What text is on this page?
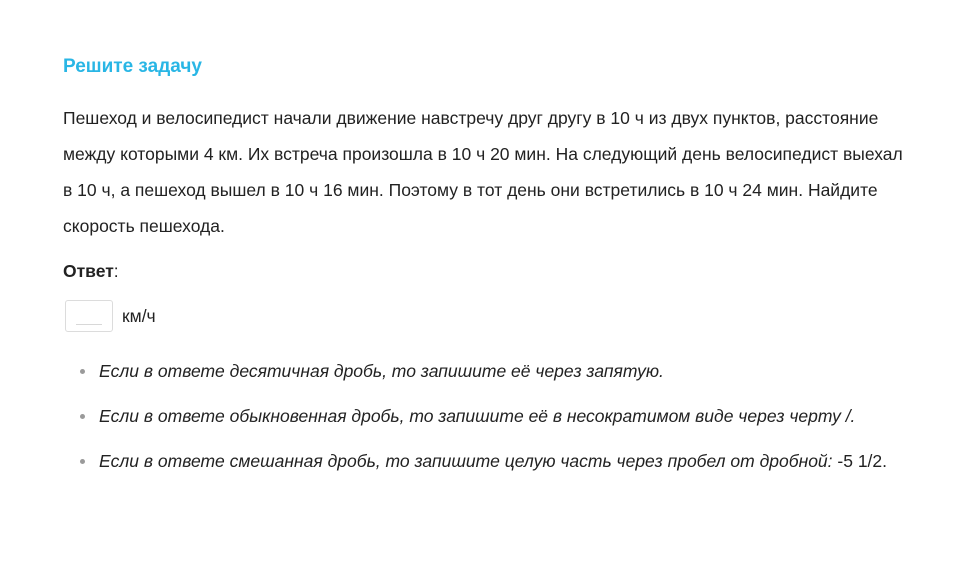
Решите задачу

Пешеход и велосипедист начали движение навстречу друг другу в 10 ч из двух пунктов, расстояние между которыми 4 км. Их встреча произошла в 10 ч 20 мин. На следующий день велосипедист выехал в 10 ч, а пешеход вышел в 10 ч 16 мин. Поэтому в тот день они встретились в 10 ч 24 мин. Найдите скорость пешехода.

Ответ:
км/ч
Если в ответе десятичная дробь, то запишите её через запятую.
Если в ответе обыкновенная дробь, то запишите её в несократимом виде через черту /.
Если в ответе смешанная дробь, то запишите целую часть через пробел от дробной: -5 1/2.
